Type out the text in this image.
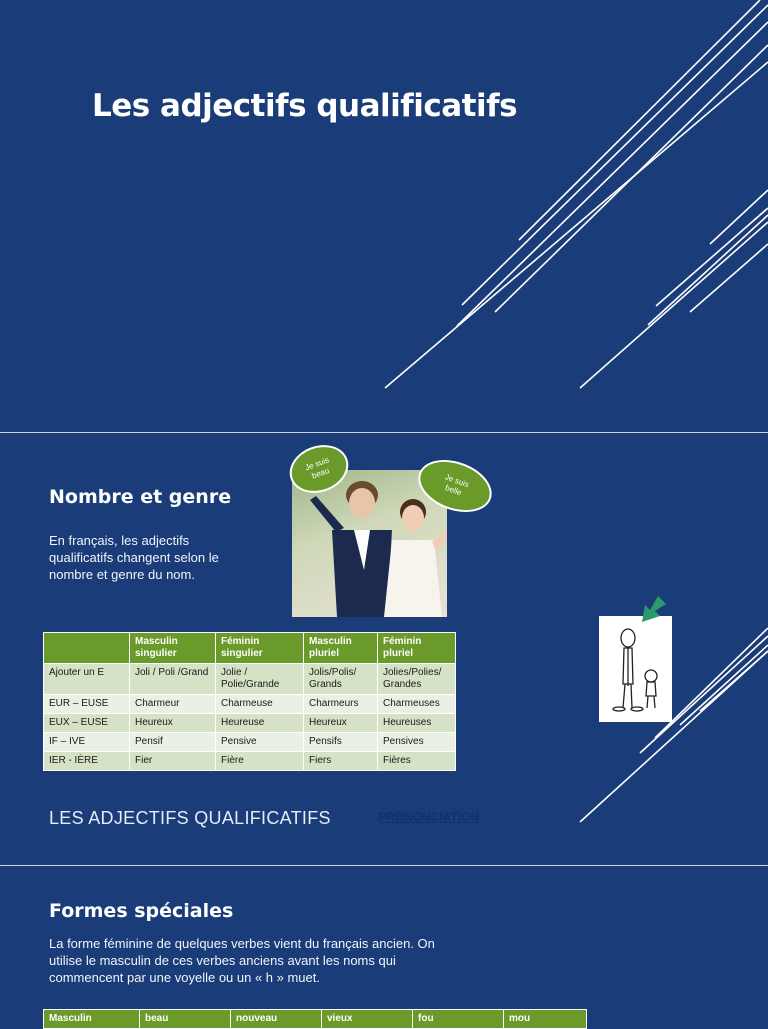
Les adjectifs qualificatifs
Nombre et genre

En français, les adjectifs qualificatifs changent selon le nombre et genre du nom.

Je suis beau	Je suis belle
	Masculin singulier	Féminin singulier	Masculin pluriel	Féminin pluriel
Ajouter un E	Joli / Poli /Grand	Jolie / Polie/Grande	Jolis/Polis/ Grands	Jolies/Polies/ Grandes
EUR – EUSE	Charmeur	Charmeuse	Charmeurs	Charmeuses
EUX – EUSE	Heureux	Heureuse	Heureux	Heureuses
IF – IVE	Pensif	Pensive	Pensifs	Pensives
IER - IÈRE	Fier	Fière	Fiers	Fières

LES ADJECTIFS QUALIFICATIFS	PRONONCIATION
Formes spéciales

La forme féminine de quelques verbes vient du français ancien. On utilise le masculin de ces verbes anciens avant les noms qui commencent par une voyelle ou un « h » muet.

Masculin	beau	nouveau	vieux	fou	mou
